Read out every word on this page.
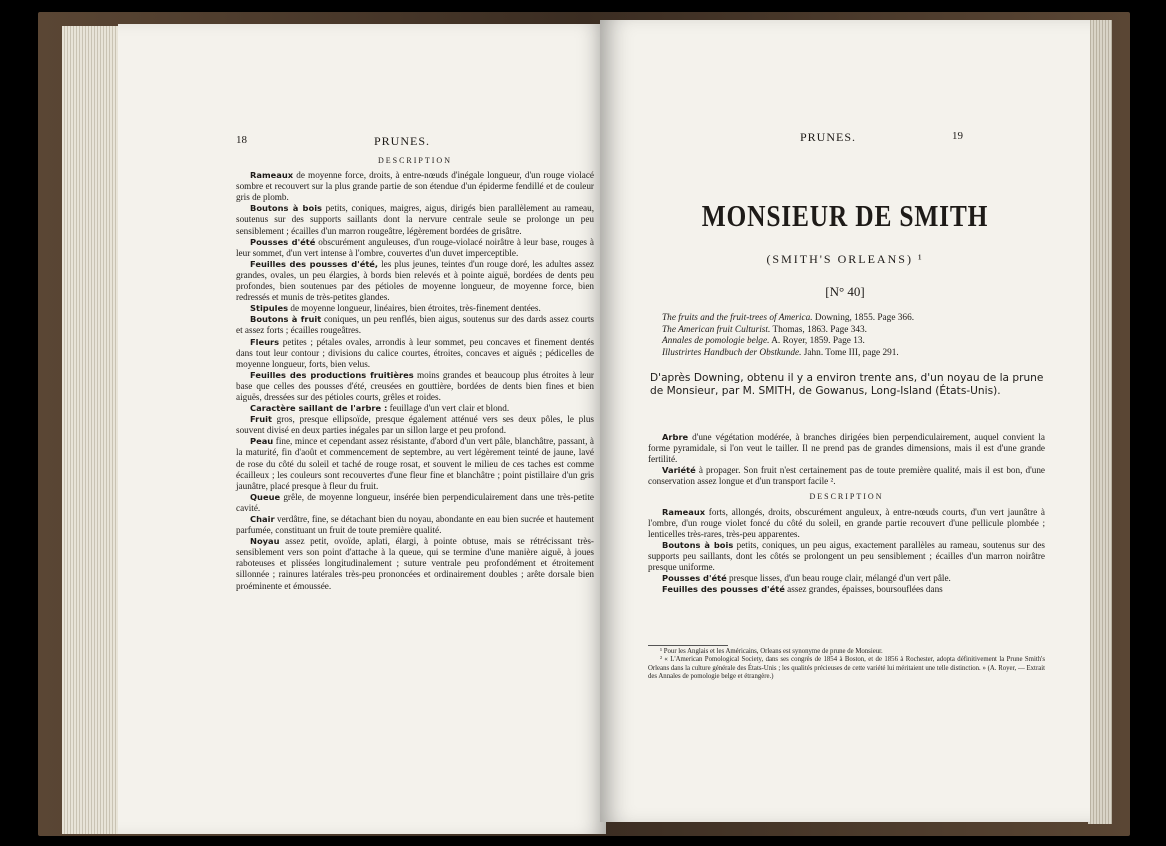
18	PRUNES.
DESCRIPTION

Rameaux de moyenne force, droits, à entre-nœuds d'inégale longueur, d'un rouge violacé sombre et recouvert sur la plus grande partie de son étendue d'un épiderme fendillé et de couleur gris de plomb.

Boutons à bois petits, coniques, maigres, aigus, dirigés bien parallèlement au rameau, soutenus sur des supports saillants dont la nervure centrale seule se prolonge un peu sensiblement ; écailles d'un marron rougeâtre, légèrement bordées de grisâtre.

Pousses d'été obscurément anguleuses, d'un rouge-violacé noirâtre à leur base, rouges à leur sommet, d'un vert intense à l'ombre, couvertes d'un duvet imperceptible.

Feuilles des pousses d'été, les plus jeunes, teintes d'un rouge doré, les adultes assez grandes, ovales, un peu élargies, à bords bien relevés et à pointe aiguë, bordées de dents peu profondes, bien soutenues par des pétioles de moyenne longueur, de moyenne force, bien redressés et munis de très-petites glandes.

Stipules de moyenne longueur, linéaires, bien étroites, très-finement dentées.

Boutons à fruit coniques, un peu renflés, bien aigus, soutenus sur des dards assez courts et assez forts ; écailles rougeâtres.

Fleurs petites ; pétales ovales, arrondis à leur sommet, peu concaves et finement dentés dans tout leur contour ; divisions du calice courtes, étroites, concaves et aiguës ; pédicelles de moyenne longueur, forts, bien velus.

Feuilles des productions fruitières moins grandes et beaucoup plus étroites à leur base que celles des pousses d'été, creusées en gouttière, bordées de dents bien fines et bien aiguës, dressées sur des pétioles courts, grêles et roides.

Caractère saillant de l'arbre : feuillage d'un vert clair et blond.

Fruit gros, presque ellipsoïde, presque également atténué vers ses deux pôles, le plus souvent divisé en deux parties inégales par un sillon large et peu profond.

Peau fine, mince et cependant assez résistante, d'abord d'un vert pâle, blanchâtre, passant, à la maturité, fin d'août et commencement de septembre, au vert légèrement teinté de jaune, lavé de rose du côté du soleil et taché de rouge rosat, et souvent le milieu de ces taches est comme écailleux ; les couleurs sont recouvertes d'une fleur fine et blanchâtre ; point pistillaire d'un gris jaunâtre, placé presque à fleur du fruit.

Queue grêle, de moyenne longueur, insérée bien perpendiculairement dans une très-petite cavité.

Chair verdâtre, fine, se détachant bien du noyau, abondante en eau bien sucrée et hautement parfumée, constituant un fruit de toute première qualité.

Noyau assez petit, ovoïde, aplati, élargi, à pointe obtuse, mais se rétrécissant très-sensiblement vers son point d'attache à la queue, qui se termine d'une manière aiguë, à joues raboteuses et plissées longitudinalement ; suture ventrale peu profondément et étroitement sillonnée ; rainures latérales très-peu prononcées et ordinairement doubles ; arête dorsale bien proéminente et émoussée.

PRUNES.	19
MONSIEUR DE SMITH
(SMITH'S ORLEANS) ¹
[N° 40]
The fruits and the fruit-trees of America. Downing, 1855. Page 366.
The American fruit Culturist. Thomas, 1863. Page 343.
Annales de pomologie belge. A. Royer, 1859. Page 13.
Illustrirtes Handbuch der Obstkunde. Jahn. Tome III, page 291.
D'après Downing, obtenu il y a environ trente ans, d'un noyau de la prune de Monsieur, par M. SMITH, de Gowanus, Long-Island (États-Unis).

Arbre d'une végétation modérée, à branches dirigées bien perpendiculairement, auquel convient la forme pyramidale, si l'on veut le tailler. Il ne prend pas de grandes dimensions, mais il est d'une grande fertilité.

Variété à propager. Son fruit n'est certainement pas de toute première qualité, mais il est bon, d'une conservation assez longue et d'un transport facile ².

DESCRIPTION

Rameaux forts, allongés, droits, obscurément anguleux, à entre-nœuds courts, d'un vert jaunâtre à l'ombre, d'un rouge violet foncé du côté du soleil, en grande partie recouvert d'une pellicule plombée ; lenticelles très-rares, très-peu apparentes.

Boutons à bois petits, coniques, un peu aigus, exactement parallèles au rameau, soutenus sur des supports peu saillants, dont les côtés se prolongent un peu sensiblement ; écailles d'un marron noirâtre presque uniforme.

Pousses d'été presque lisses, d'un beau rouge clair, mélangé d'un vert pâle.

Feuilles des pousses d'été assez grandes, épaisses, boursouflées dans

¹ Pour les Anglais et les Américains, Orleans est synonyme de prune de Monsieur.

² « L'American Pomological Society, dans ses congrès de 1854 à Boston, et de 1856 à Rochester, adopta définitivement la Prune Smith's Orleans dans la culture générale des États-Unis ; les qualités précieuses de cette variété lui méritaient une telle distinction. » (A. Royer, — Extrait des Annales de pomologie belge et étrangère.)
